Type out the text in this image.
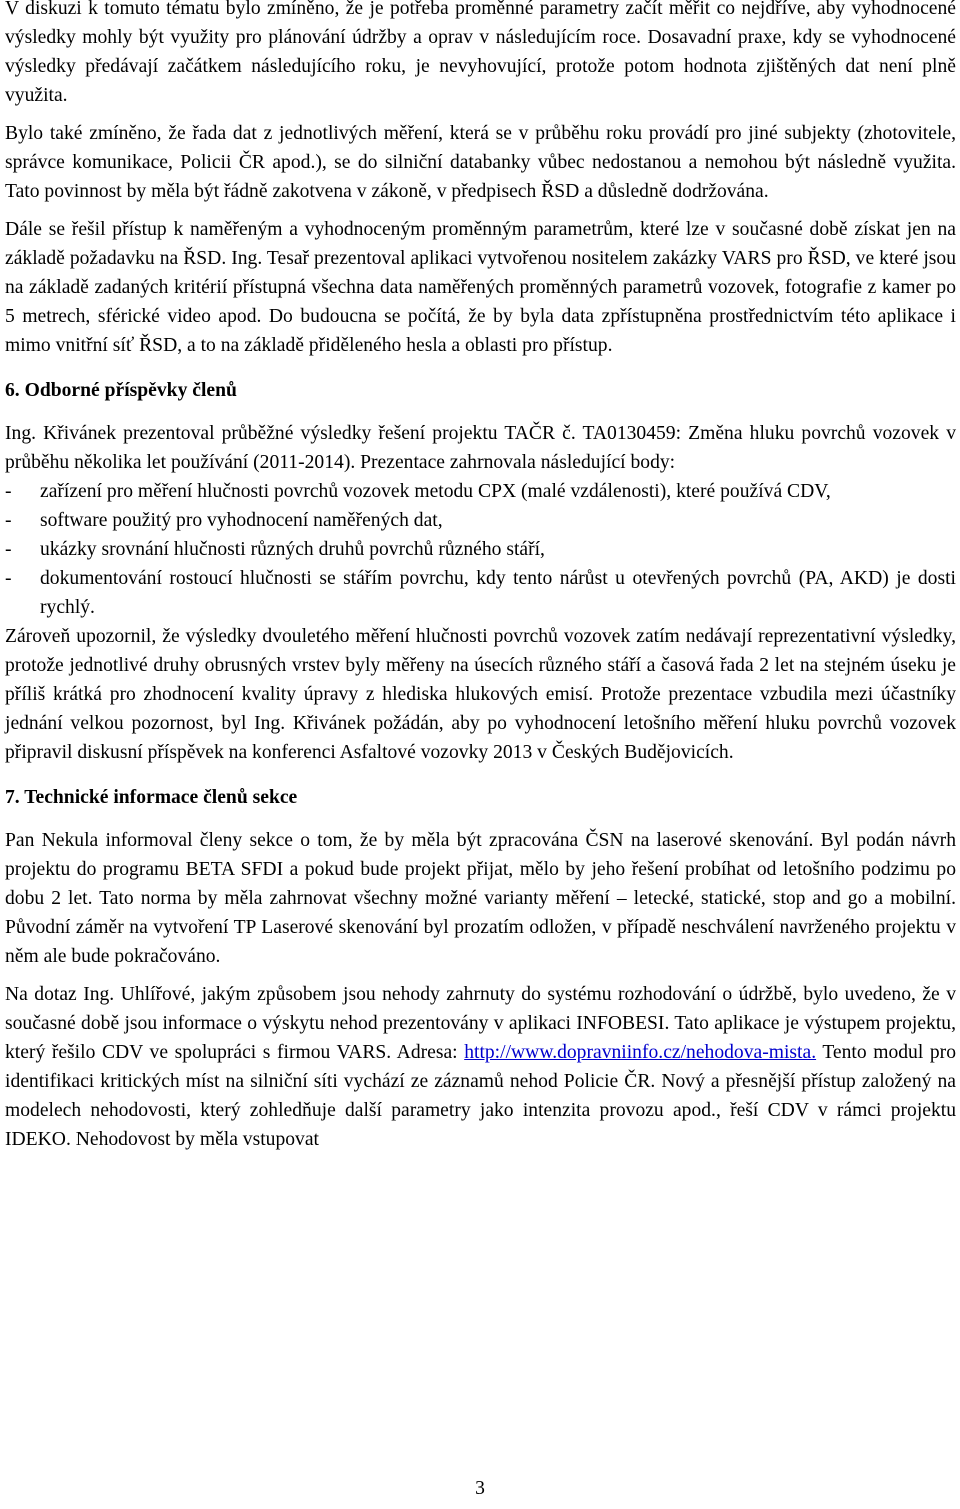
V diskuzi k tomuto tématu bylo zmíněno, že je potřeba proměnné parametry začít měřit co nejdříve, aby vyhodnocené výsledky mohly být využity pro plánování údržby a oprav v následujícím roce. Dosavadní praxe, kdy se vyhodnocené výsledky předávají začátkem následujícího roku, je nevyhovující, protože potom hodnota zjištěných dat není plně využita.

Bylo také zmíněno, že řada dat z jednotlivých měření, která se v průběhu roku provádí pro jiné subjekty (zhotovitele, správce komunikace, Policii ČR apod.), se do silniční databanky vůbec nedostanou a nemohou být následně využita. Tato povinnost by měla být řádně zakotvena v zákoně, v předpisech ŘSD a důsledně dodržována.

Dále se řešil přístup k naměřeným a vyhodnoceným proměnným parametrům, které lze v současné době získat jen na základě požadavku na ŘSD. Ing. Tesař prezentoval aplikaci vytvořenou nositelem zakázky VARS pro ŘSD, ve které jsou na základě zadaných kritérií přístupná všechna data naměřených proměnných parametrů vozovek, fotografie z kamer po 5 metrech, sférické video apod. Do budoucna se počítá, že by byla data zpřístupněna prostřednictvím této aplikace i mimo vnitřní síť ŘSD, a to na základě přiděleného hesla a oblasti pro přístup.

6. Odborné příspěvky členů

Ing. Křivánek prezentoval průběžné výsledky řešení projektu TAČR č. TA0130459: Změna hluku povrchů vozovek v průběhu několika let používání (2011-2014). Prezentace zahrnovala následující body:

- zařízení pro měření hlučnosti povrchů vozovek metodu CPX (malé vzdálenosti), které používá CDV,
- software použitý pro vyhodnocení naměřených dat,
- ukázky srovnání hlučnosti různých druhů povrchů různého stáří,
- dokumentování rostoucí hlučnosti se stářím povrchu, kdy tento nárůst u otevřených povrchů (PA, AKD) je dosti rychlý.

Zároveň upozornil, že výsledky dvouletého měření hlučnosti povrchů vozovek zatím nedávají reprezentativní výsledky, protože jednotlivé druhy obrusných vrstev byly měřeny na úsecích různého stáří a časová řada 2 let na stejném úseku je příliš krátká pro zhodnocení kvality úpravy z hlediska hlukových emisí. Protože prezentace vzbudila mezi účastníky jednání velkou pozornost, byl Ing. Křivánek požádán, aby po vyhodnocení letošního měření hluku povrchů vozovek připravil diskusní příspěvek na konferenci Asfaltové vozovky 2013 v Českých Budějovicích.

7. Technické informace členů sekce

Pan Nekula informoval členy sekce o tom, že by měla být zpracována ČSN na laserové skenování. Byl podán návrh projektu do programu BETA SFDI a pokud bude projekt přijat, mělo by jeho řešení probíhat od letošního podzimu po dobu 2 let. Tato norma by měla zahrnovat všechny možné varianty měření – letecké, statické, stop and go a mobilní. Původní záměr na vytvoření TP Laserové skenování byl prozatím odložen, v případě neschválení navrženého projektu v něm ale bude pokračováno.

Na dotaz Ing. Uhlířové, jakým způsobem jsou nehody zahrnuty do systému rozhodování o údržbě, bylo uvedeno, že v současné době jsou informace o výskytu nehod prezentovány v aplikaci INFOBESI. Tato aplikace je výstupem projektu, který řešilo CDV ve spolupráci s firmou VARS. Adresa: http://www.dopravniinfo.cz/nehodova-mista. Tento modul pro identifikaci kritických míst na silniční síti vychází ze záznamů nehod Policie ČR. Nový a přesnější přístup založený na modelech nehodovosti, který zohledňuje další parametry jako intenzita provozu apod., řeší CDV v rámci projektu IDEKO. Nehodovost by měla vstupovat

3
